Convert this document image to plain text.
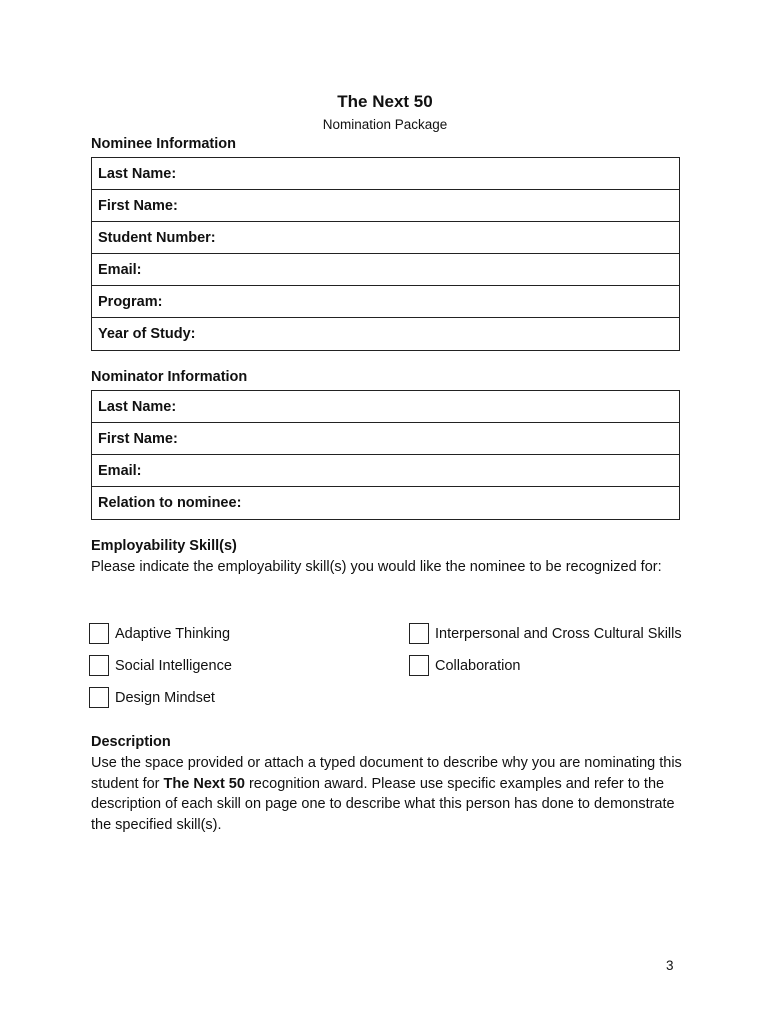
The Next 50
Nomination Package
Nominee Information
Last Name:
First Name:
Student Number:
Email:
Program:
Year of Study:
Nominator Information
Last Name:
First Name:
Email:
Relation to nominee:
Employability Skill(s)
Please indicate the employability skill(s) you would like the nominee to be recognized for:
Adaptive Thinking	Interpersonal and Cross Cultural Skills
Social Intelligence	Collaboration
Design Mindset
Description
Use the space provided or attach a typed document to describe why you are nominating this student for The Next 50 recognition award. Please use specific examples and refer to the description of each skill on page one to describe what this person has done to demonstrate the specified skill(s).
3
